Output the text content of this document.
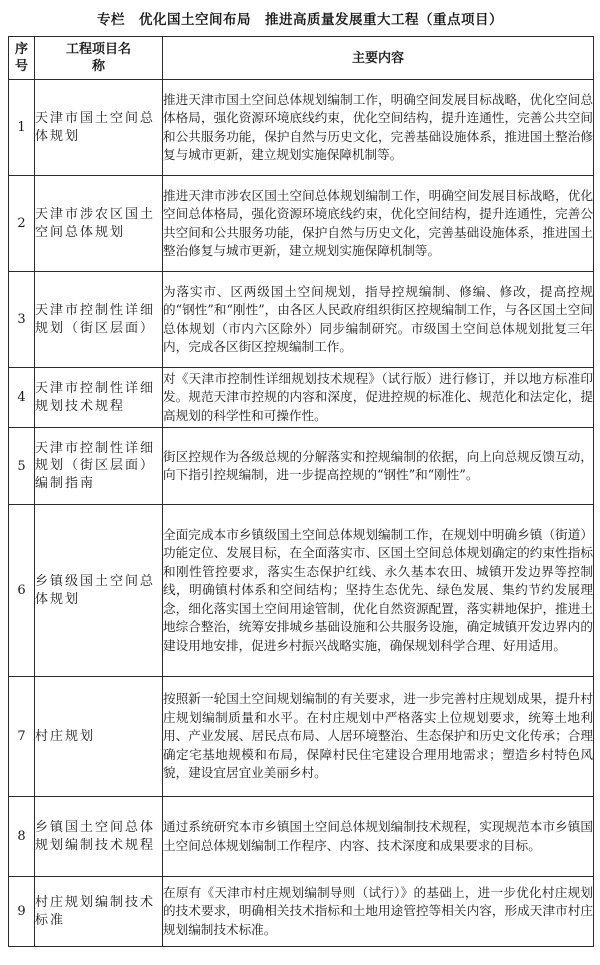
专栏　优化国土空间布局　推进高质量发展重大工程（重点项目）
序号	工程项目名称	主要内容
1	天津市国土空间总体规划	推进天津市国土空间总体规划编制工作，明确空间发展目标战略，优化空间总体格局，强化资源环境底线约束，优化空间结构，提升连通性，完善公共空间和公共服务功能，保护自然与历史文化，完善基础设施体系，推进国土整治修复与城市更新，建立规划实施保障机制等。
2	天津市涉农区国土空间总体规划	推进天津市涉农区国土空间总体规划编制工作，明确空间发展目标战略，优化空间总体格局，强化资源环境底线约束，优化空间结构，提升连通性，完善公共空间和公共服务功能，保护自然与历史文化，完善基础设施体系，推进国土整治修复与城市更新，建立规划实施保障机制等。
3	天津市控制性详细规划（街区层面）	为落实市、区两级国土空间规划，指导控规编制、修编、修改，提高控规的“钢性”和“刚性”，由各区人民政府组织街区控规编制工作，与各区国土空间总体规划（市内六区除外）同步编制研究。市级国土空间总体规划批复三年内，完成各区街区控规编制工作。
4	天津市控制性详细规划技术规程	对《天津市控制性详细规划技术规程》（试行版）进行修订，并以地方标准印发。规范天津市控规的内容和深度，促进控规的标准化、规范化和法定化，提高规划的科学性和可操作性。
5	天津市控制性详细规划（街区层面）编制指南	街区控规作为各级总规的分解落实和控规编制的依据，向上向总规反馈互动，向下指引控规编制，进一步提高控规的“钢性”和“刚性”。
6	乡镇级国土空间总体规划	全面完成本市乡镇级国土空间总体规划编制工作，在规划中明确乡镇（街道）功能定位、发展目标，在全面落实市、区国土空间总体规划确定的约束性指标和刚性管控要求，落实生态保护红线、永久基本农田、城镇开发边界等控制线，明确镇村体系和空间结构；坚持生态优先、绿色发展、集约节约发展理念，细化落实国土空间用途管制，优化自然资源配置，落实耕地保护，推进土地综合整治，统筹安排城乡基础设施和公共服务设施，确定城镇开发边界内的建设用地安排，促进乡村振兴战略实施，确保规划科学合理、好用适用。
7	村庄规划	按照新一轮国土空间规划编制的有关要求，进一步完善村庄规划成果，提升村庄规划编制质量和水平。在村庄规划中严格落实上位规划要求，统筹土地利用、产业发展、居民点布局、人居环境整治、生态保护和历史文化传承；合理确定宅基地规模和布局，保障村民住宅建设合理用地需求；塑造乡村特色风貌，建设宜居宜业美丽乡村。
8	乡镇国土空间总体规划编制技术规程	通过系统研究本市乡镇国土空间总体规划编制技术规程，实现规范本市乡镇国土空间总体规划编制工作程序、内容、技术深度和成果要求的目标。
9	村庄规划编制技术标准	在原有《天津市村庄规划编制导则（试行）》的基础上，进一步优化村庄规划的技术要求，明确相关技术指标和土地用途管控等相关内容，形成天津市村庄规划编制技术标准。
